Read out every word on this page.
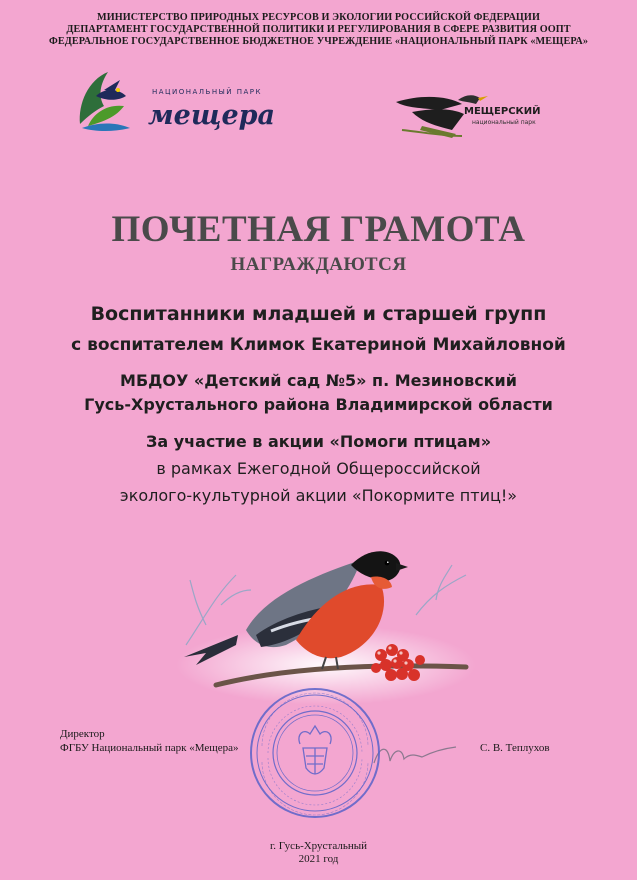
МИНИСТЕРСТВО ПРИРОДНЫХ РЕСУРСОВ И ЭКОЛОГИИ РОССИЙСКОЙ ФЕДЕРАЦИИ
ДЕПАРТАМЕНТ ГОСУДАРСТВЕННОЙ ПОЛИТИКИ И РЕГУЛИРОВАНИЯ В СФЕРЕ РАЗВИТИЯ ООПТ
ФЕДЕРАЛЬНОЕ ГОСУДАРСТВЕННОЕ БЮДЖЕТНОЕ УЧРЕЖДЕНИЕ «НАЦИОНАЛЬНЫЙ ПАРК «МЕЩЕРА»
НАЦИОНАЛЬНЫЙ ПАРК
мещера	МЕЩЕРСКИЙ
национальный парк
ПОЧЕТНАЯ ГРАМОТА
НАГРАЖДАЮТСЯ
Воспитанники младшей и старшей групп
с воспитателем Климок Екатериной Михайловной
МБДОУ «Детский сад №5» п. Мезиновский
Гусь-Хрустального района Владимирской области
За участие в акции «Помоги птицам»
в рамках Ежегодной Общероссийской
эколого-культурной акции «Покормите птиц!»
Директор
ФГБУ Национальный парк «Мещера»	С. В. Теплухов
г. Гусь-Хрустальный
2021 год
